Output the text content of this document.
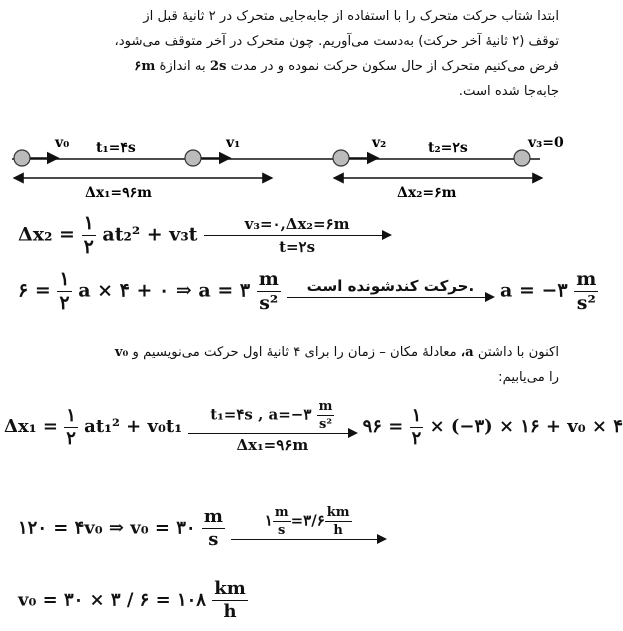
ابتدا شتاب حرکت متحرک را با استفاده از جابه‌جایی متحرک در ۲ ثانیهٔ قبل از
توقف (۲ ثانیهٔ آخر حرکت) به‌دست می‌آوریم. چون متحرک در آخر متوقف می‌شود،
فرض می‌کنیم متحرک از حال سکون حرکت نموده و در مدت 2s به اندازهٔ ۶m
جابه‌جا شده است.
v₀	v₁	v₂	v₃=0
t₁=۴s	t₂=۲s
Δx₁=۹۶m	Δx₂=۶m
$\Delta x_2 = \frac{۱}{۲} at_2^2 + v_3t \frac{\text{v₃=۰,Δx₂=۶m}}{t=۲s}$
۶ = $\frac{۱}{۲}$ a × ۴ + ۰ ⇒ a = ۳ $\frac{m}{\text{s²}}$
	حرکت کندشونده است.	a = −۳ $\frac{m}{\text{s²}}$
اکنون با داشتن a، معادلهٔ مکان – زمان را برای ۴ ثانیهٔ اول حرکت می‌نویسیم و v₀
را می‌یابیم:
$\Delta x_1 = \frac{۱}{۲} at_1^2 + v_0t_1 \frac{t_1=۴s , a=-۳ \frac{m}{\text{s²}}}{\text{Δx₁=۹۶m}}$ ۹۶ = $\frac{۱}{۲}$ × (−۳) × ۱۶ + v₀ × ۴
۱۲۰ = ۴v₀ ⇒ v₀ = ۳۰ $\frac{m}{s}$
	۱ $\frac{m}{s}$ =۳/۶ $\frac{km}{h}$
v₀ = ۳۰ × ۳ / ۶ = ۱۰۸ $\frac{km}{h}$
